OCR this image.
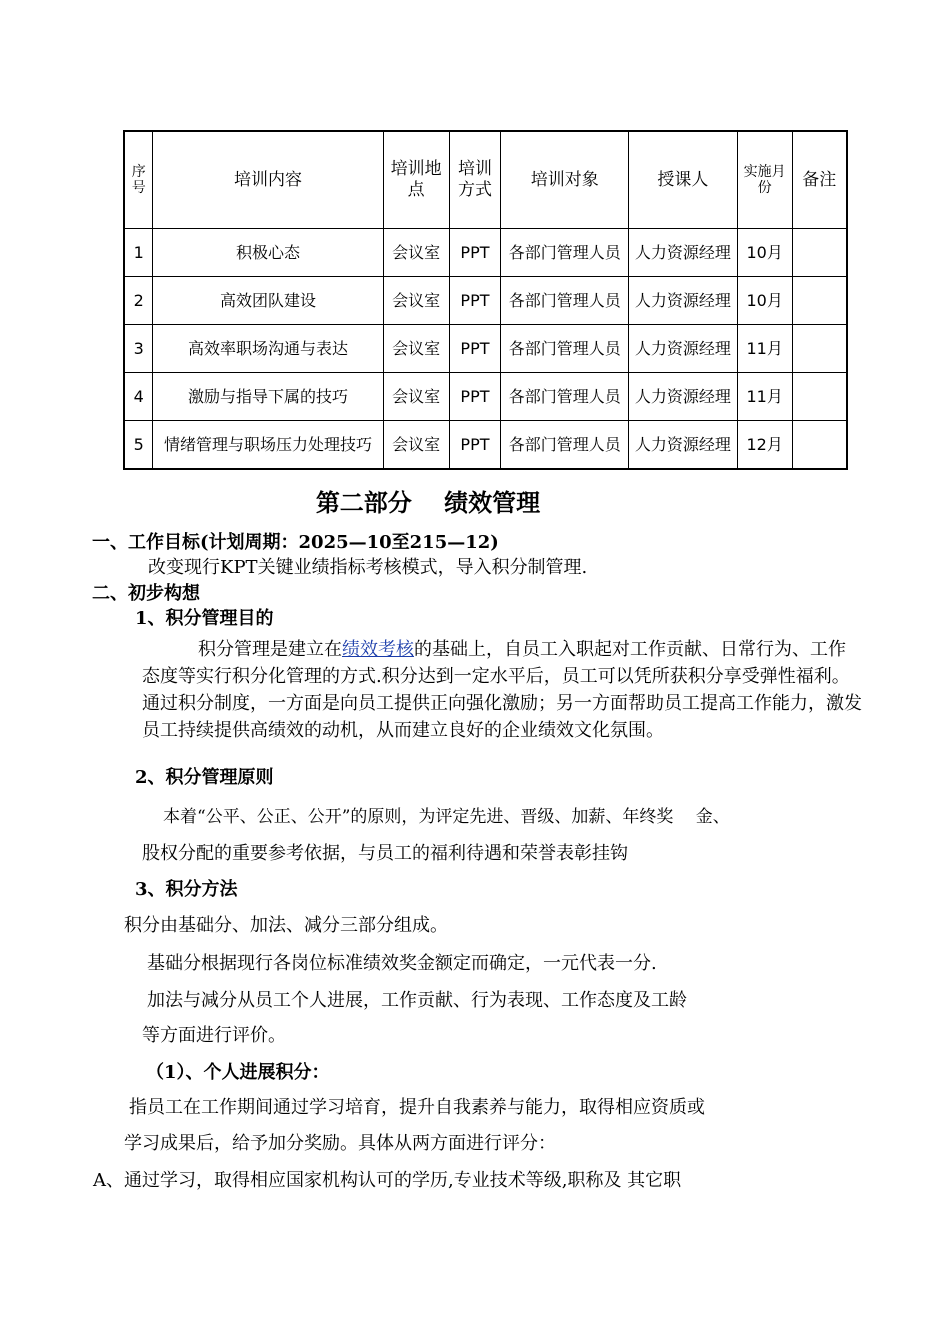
序号	培训内容	培训地点	培训方式	培训对象	授课人	实施月份	备注
1	积极心态	会议室	PPT	各部门管理人员	人力资源经理	10月	
2	高效团队建设	会议室	PPT	各部门管理人员	人力资源经理	10月	
3	高效率职场沟通与表达	会议室	PPT	各部门管理人员	人力资源经理	11月	
4	激励与指导下属的技巧	会议室	PPT	各部门管理人员	人力资源经理	11月	
5	情绪管理与职场压力处理技巧	会议室	PPT	各部门管理人员	人力资源经理	12月	
第二部分　 绩效管理
一、工作目标(计划周期：2025—10至215—12)
改变现行KPT关键业绩指标考核模式，导入积分制管理.
二、初步构想
1、积分管理目的
积分管理是建立在绩效考核的基础上，自员工入职起对工作贡献、日常行为、工作态度等实行积分化管理的方式.积分达到一定水平后，员工可以凭所获积分享受弹性福利。通过积分制度，一方面是向员工提供正向强化激励；另一方面帮助员工提高工作能力，激发员工持续提供高绩效的动机，从而建立良好的企业绩效文化氛围。
2、积分管理原则
本着“公平、公正、公开”的原则，为评定先进、晋级、加薪、年终奖　 金、
股权分配的重要参考依据，与员工的福利待遇和荣誉表彰挂钩
3、积分方法
积分由基础分、加法、减分三部分组成。
基础分根据现行各岗位标准绩效奖金额定而确定，一元代表一分.
加法与减分从员工个人进展，工作贡献、行为表现、工作态度及工龄
等方面进行评价。
（1）、个人进展积分：
指员工在工作期间通过学习培育，提升自我素养与能力，取得相应资质或
学习成果后，给予加分奖励。具体从两方面进行评分：
A、通过学习，取得相应国家机构认可的学历,专业技术等级,职称及 其它职
